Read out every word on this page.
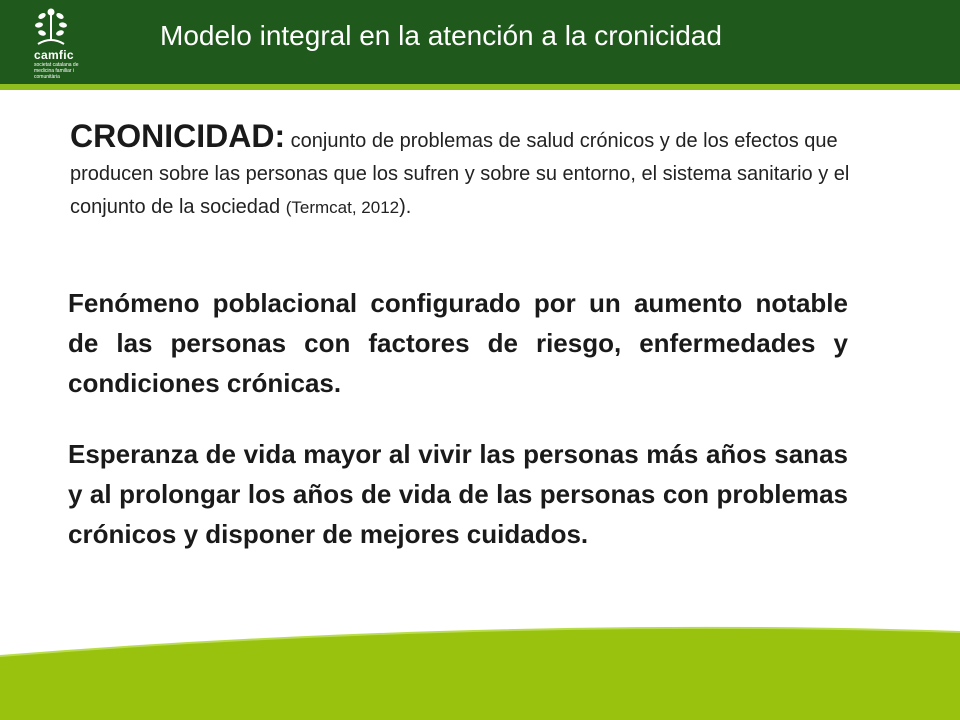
camfic
societat catalana de medicina familiar i comunitària
Modelo integral en la atención a la cronicidad
CRONICIDAD: conjunto de problemas de salud crónicos y de los efectos que producen sobre las personas que los sufren y sobre su entorno, el sistema sanitario y el conjunto de la sociedad (Termcat, 2012).
Fenómeno poblacional configurado por un aumento notable de las personas con factores de riesgo, enfermedades y condiciones crónicas.
Esperanza de vida mayor al vivir las personas más años sanas y al prolongar los años de vida de las personas con problemas crónicos y disponer de mejores cuidados.
